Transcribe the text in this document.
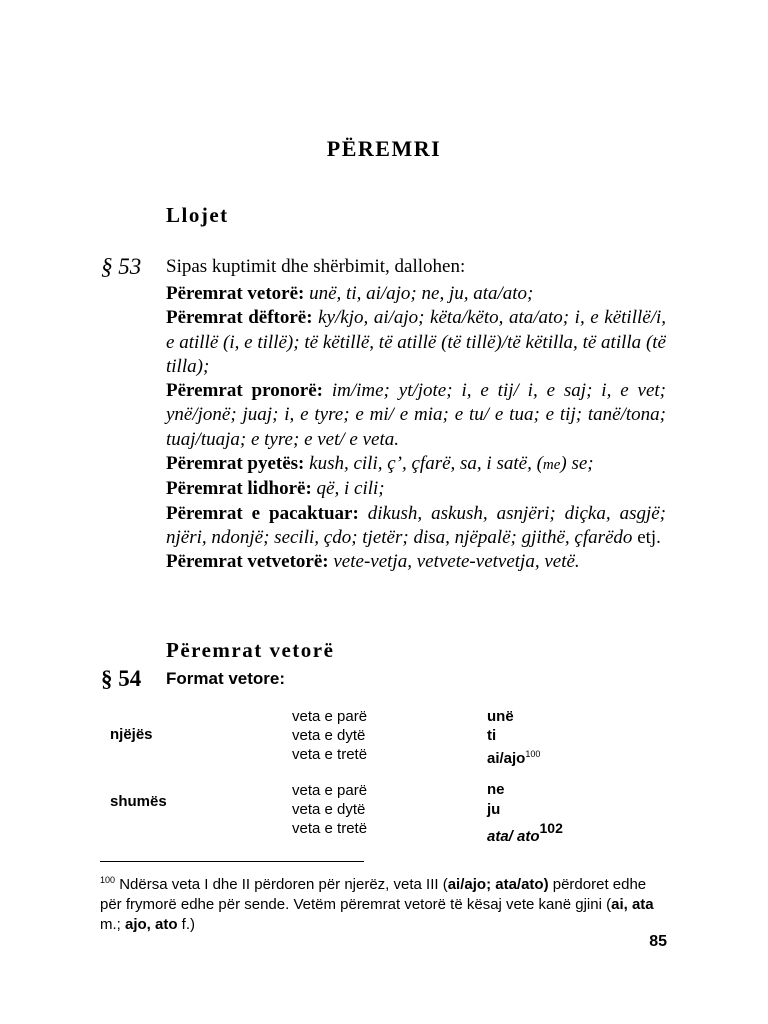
PËREMRI
Llojet
§ 53 Sipas kuptimit dhe shërbimit, dallohen:

Përemrat vetorë: unë, ti, ai/ajo; ne, ju, ata/ato;

Përemrat dëftorë: ky/kjo, ai/ajo; këta/këto, ata/ato; i, e këtillë/i, e atillë (i, e tillë); të këtillë, të atillë (të tillë)/të këtilla, të atilla (të tilla);

Përemrat pronorë: im/ime; yt/jote; i, e tij/ i, e saj; i, e vet; ynë/jonë; juaj; i, e tyre; e mi/ e mia; e tu/ e tua; e tij; tanë/tona; tuaj/tuaja; e tyre; e vet/ e veta.

Përemrat pyetës: kush, cili, ç’, çfarë, sa, i satë, (me) se;

Përemrat lidhorë: që, i cili;

Përemrat e pacaktuar: dikush, askush, asnjëri; diçka, asgjë; njëri, ndonjë; secili, çdo; tjetër; disa, njëpalë; gjithë, çfarëdo etj.

Përemrat vetvetorë: vete-vetja, vetvete-vetvetja, vetë.

Përemrat vetorë
§ 54 Format vetore:
njëjës
veta e parë
veta e dytë
veta e tretë
unë
ti
ai/ajo$^{100}$
shumës
veta e parë
veta e dytë
veta e tretë
ne
ju
ata/ ato$^{102}$
$^{100}$ Ndërsa veta I dhe II përdoren për njerëz, veta III (ai/ajo; ata/ato) përdoret edhe për frymorë edhe për sende. Vetëm përemrat vetorë të kësaj vete kanë gjini (ai, ata m.; ajo, ato f.)
85
